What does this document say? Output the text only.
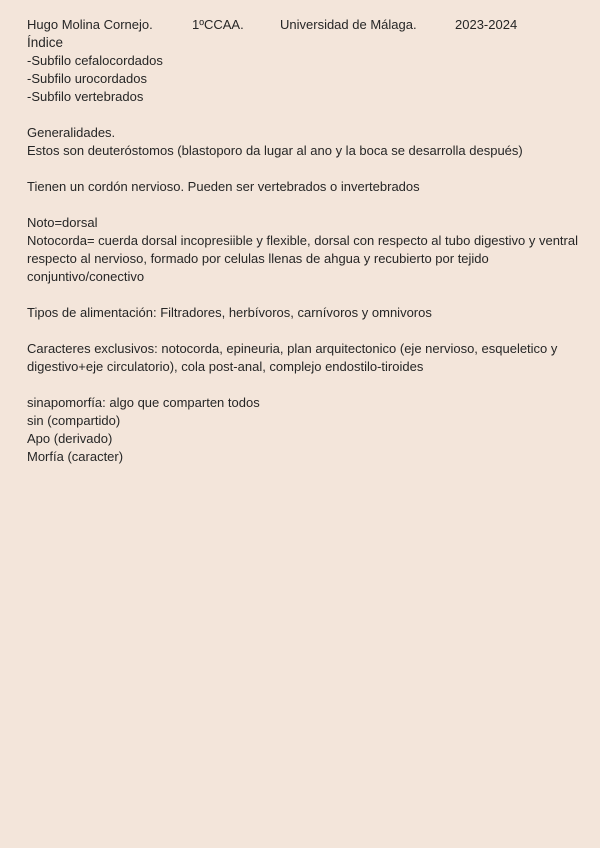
Hugo Molina Cornejo.	1ºCCAA.	Universidad de Málaga.	2023-2024
Índice
-Subfilo cefalocordados
-Subfilo urocordados
-Subfilo vertebrados
Generalidades.
Estos son deuteróstomos (blastoporo da lugar al ano y la boca se desarrolla después)
Tienen un cordón nervioso. Pueden ser vertebrados o invertebrados
Noto=dorsal

Notocorda= cuerda dorsal incopresiible y flexible, dorsal con respecto al tubo digestivo y ventral respecto al nervioso, formado por celulas llenas de ahgua y recubierto por tejido conjuntivo/conectivo

Tipos de alimentación: Filtradores, herbívoros, carnívoros y omnivoros

Caracteres exclusivos: notocorda, epineuria, plan arquitectonico (eje nervioso, esqueletico y digestivo+eje circulatorio), cola post-anal, complejo endostilo-tiroides

sinapomorfía: algo que comparten todos
sin (compartido)
Apo (derivado)
Morfía (caracter)
